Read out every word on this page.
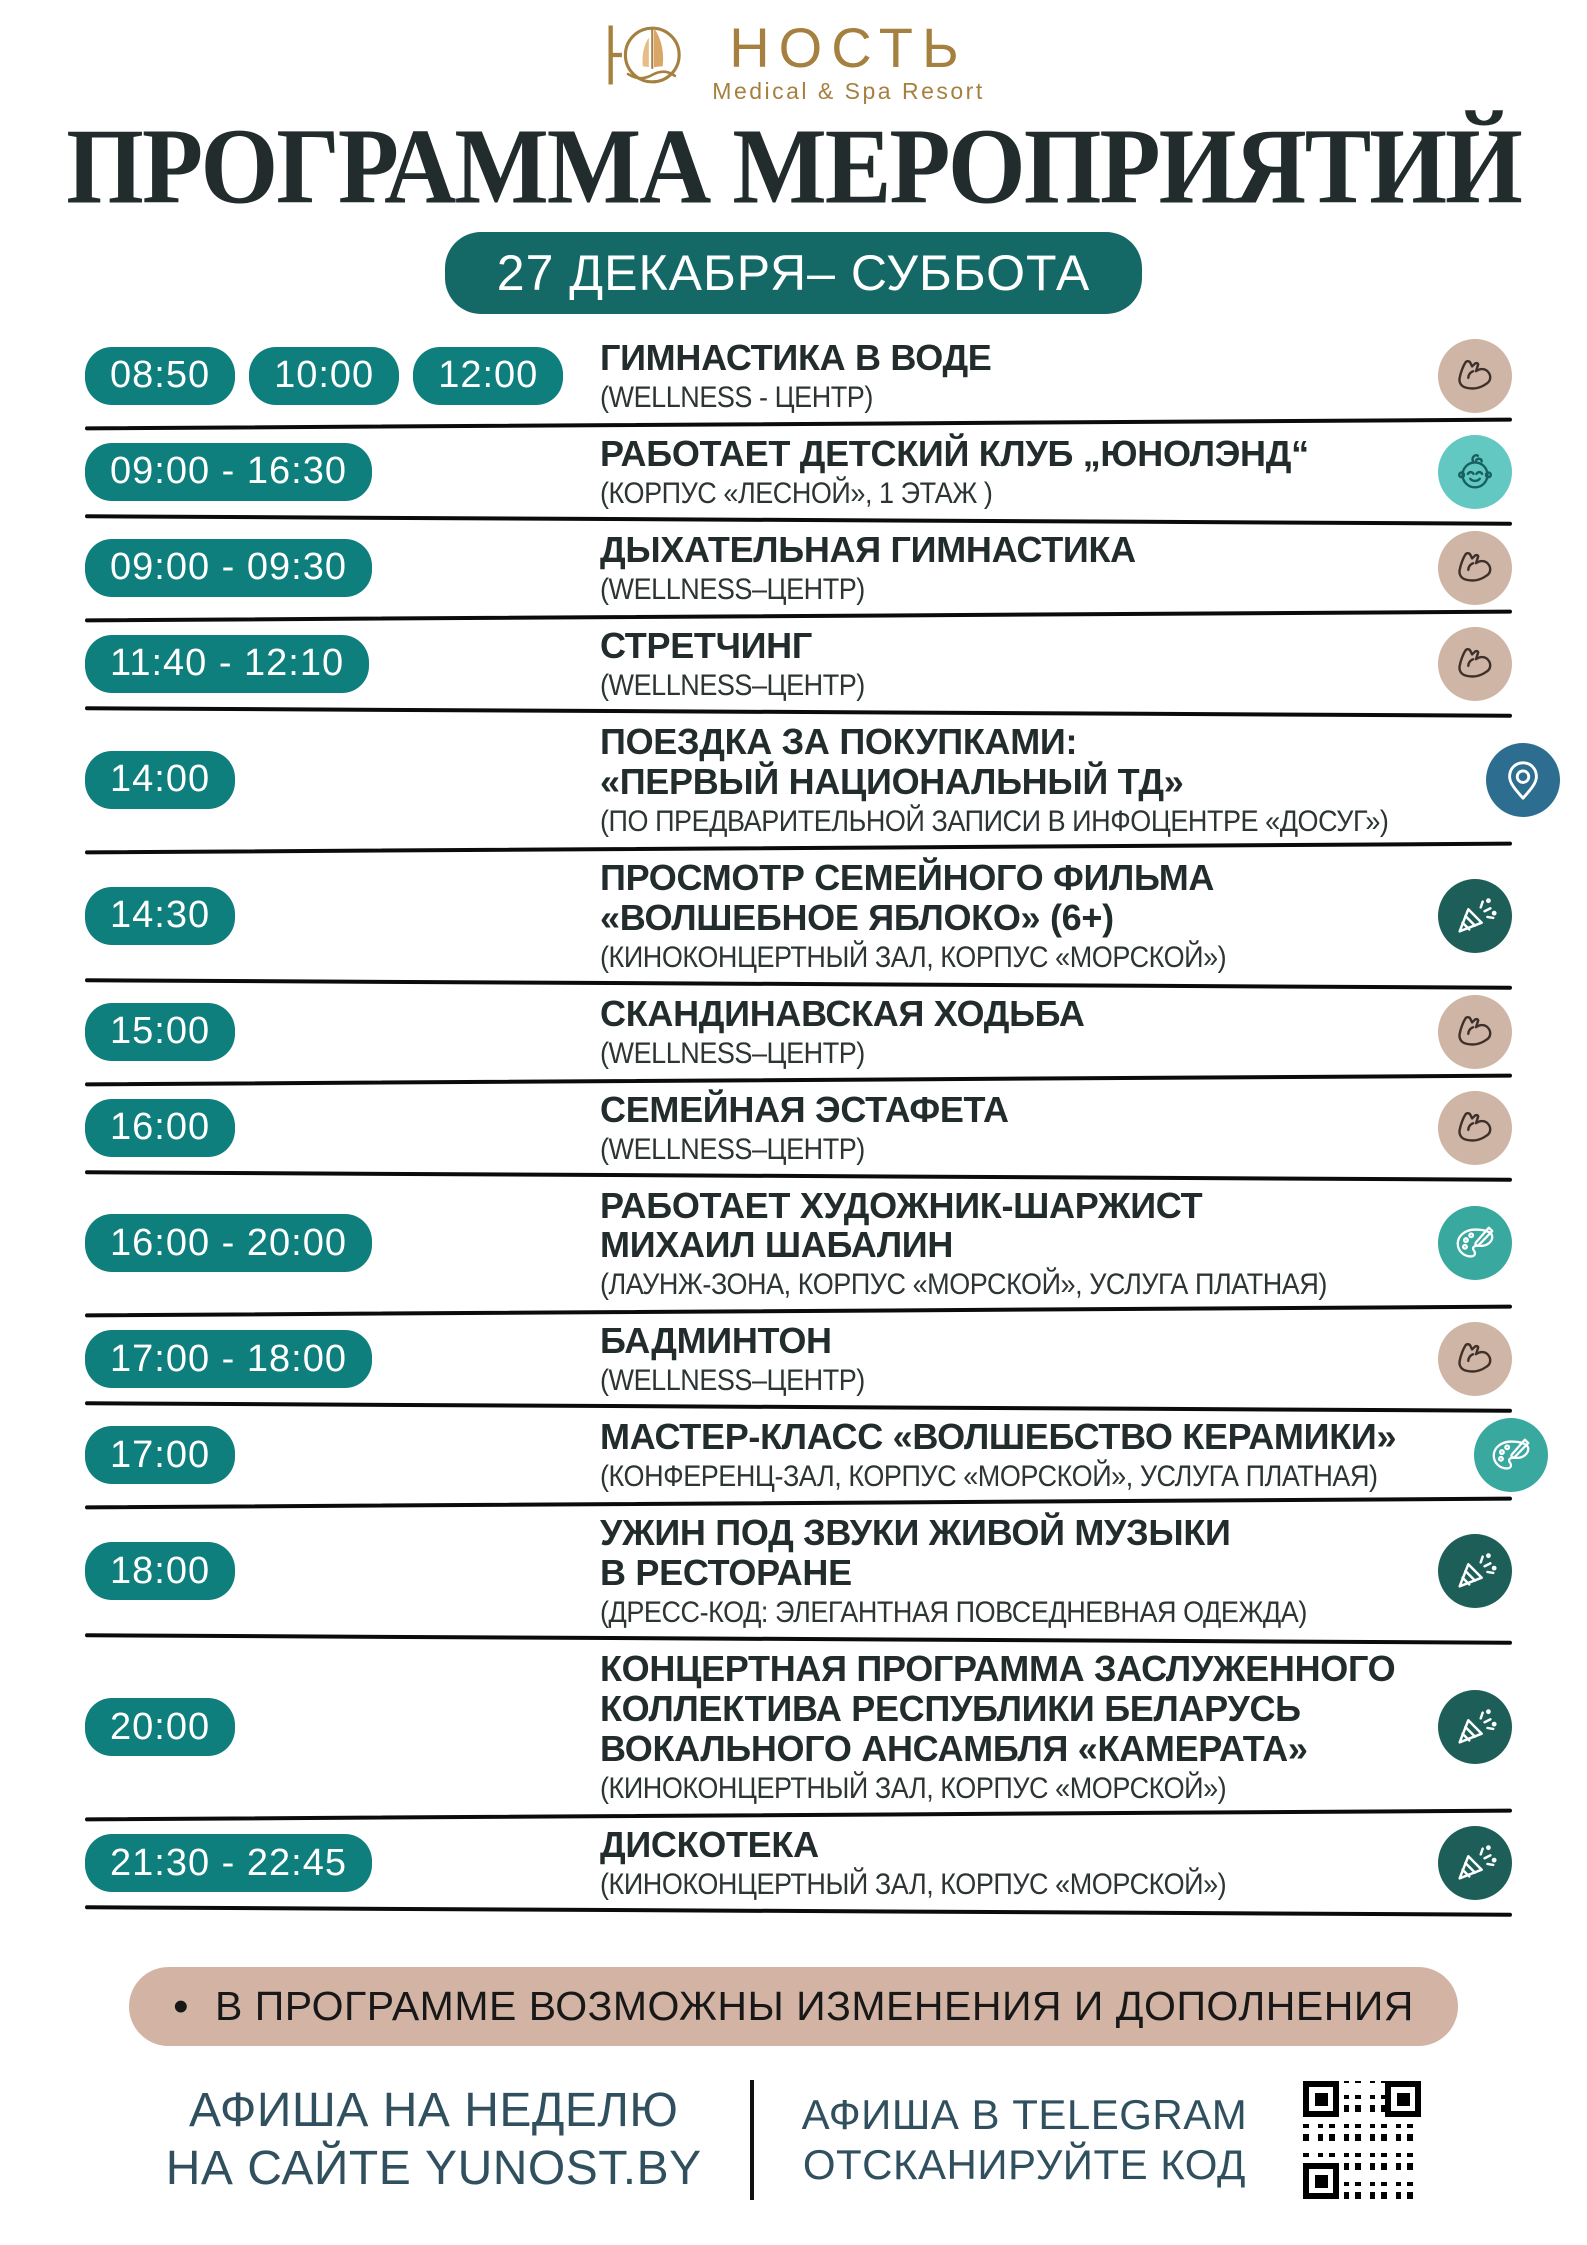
НОСТЬ
Medical & Spa Resort
ПРОГРАММА МЕРОПРИЯТИЙ
27 ДЕКАБРЯ– СУББОТА
08:50	10:00	12:00	ГИМНАСТИКА В ВОДЕ
(WELLNESS - ЦЕНТР)
09:00 - 16:30	РАБОТАЕТ ДЕТСКИЙ КЛУБ „ЮНОЛЭНД“
(КОРПУС «ЛЕСНОЙ», 1 ЭТАЖ )
09:00 - 09:30	ДЫХАТЕЛЬНАЯ ГИМНАСТИКА
(WELLNESS–ЦЕНТР)
11:40 - 12:10	СТРЕТЧИНГ
(WELLNESS–ЦЕНТР)
14:00
ПОЕЗДКА ЗА ПОКУПКАМИ:
«ПЕРВЫЙ НАЦИОНАЛЬНЫЙ ТД»
(ПО ПРЕДВАРИТЕЛЬНОЙ ЗАПИСИ В ИНФОЦЕНТРЕ «ДОСУГ»)
14:30
ПРОСМОТР СЕМЕЙНОГО ФИЛЬМА
«ВОЛШЕБНОЕ ЯБЛОКО» (6+)
(КИНОКОНЦЕРТНЫЙ ЗАЛ, КОРПУС «МОРСКОЙ»)
15:00	СКАНДИНАВСКАЯ ХОДЬБА
(WELLNESS–ЦЕНТР)
16:00	СЕМЕЙНАЯ ЭСТАФЕТА
(WELLNESS–ЦЕНТР)
16:00 - 20:00
РАБОТАЕТ ХУДОЖНИК-ШАРЖИСТ
МИХАИЛ ШАБАЛИН
(ЛАУНЖ-ЗОНА, КОРПУС «МОРСКОЙ», УСЛУГА ПЛАТНАЯ)
17:00 - 18:00	БАДМИНТОН
(WELLNESS–ЦЕНТР)
17:00	МАСТЕР-КЛАСС «ВОЛШЕБСТВО КЕРАМИКИ»
(КОНФЕРЕНЦ-ЗАЛ, КОРПУС «МОРСКОЙ», УСЛУГА ПЛАТНАЯ)
18:00
УЖИН ПОД ЗВУКИ ЖИВОЙ МУЗЫКИ
В РЕСТОРАНЕ
(ДРЕСС-КОД: ЭЛЕГАНТНАЯ ПОВСЕДНЕВНАЯ ОДЕЖДА)
20:00
КОНЦЕРТНАЯ ПРОГРАММА ЗАСЛУЖЕННОГО
КОЛЛЕКТИВА РЕСПУБЛИКИ БЕЛАРУСЬ
ВОКАЛЬНОГО АНСАМБЛЯ «КАМЕРАТА»
(КИНОКОНЦЕРТНЫЙ ЗАЛ, КОРПУС «МОРСКОЙ»)
21:30 - 22:45	ДИСКОТЕКА
(КИНОКОНЦЕРТНЫЙ ЗАЛ, КОРПУС «МОРСКОЙ»)
• В ПРОГРАММЕ ВОЗМОЖНЫ ИЗМЕНЕНИЯ И ДОПОЛНЕНИЯ
АФИША НА НЕДЕЛЮ
НА САЙТЕ YUNOST.BY
АФИША В TELEGRAM
ОТСКАНИРУЙТЕ КОД
